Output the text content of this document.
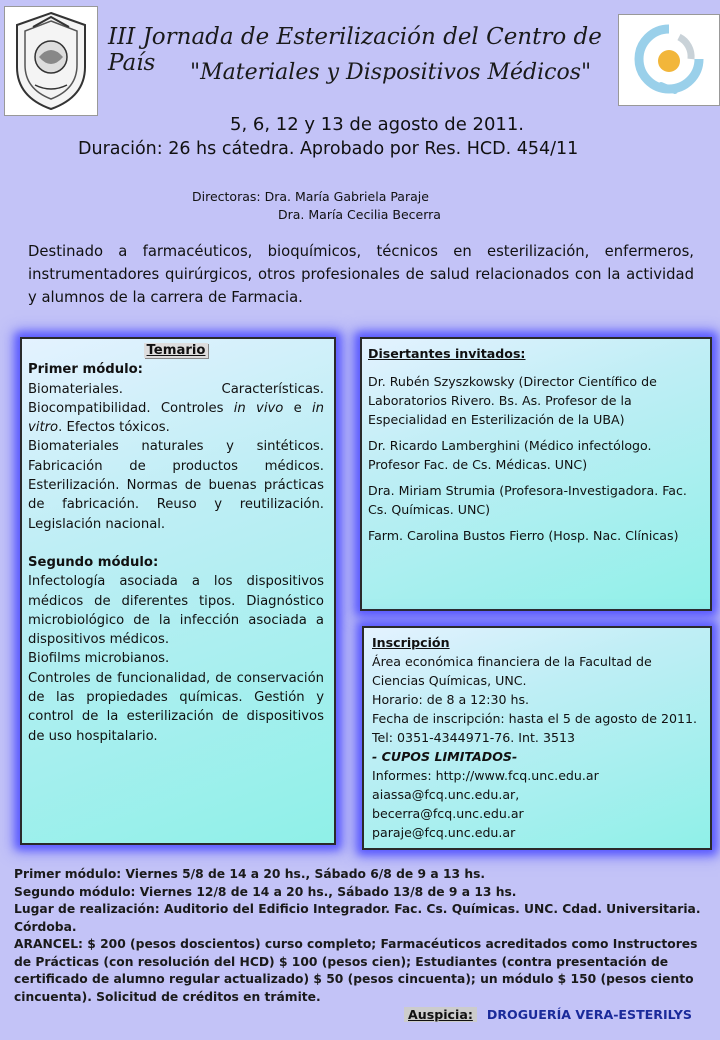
III Jornada de Esterilización del Centro de País	"Materiales y Dispositivos Médicos"
5, 6, 12 y 13 de agosto de 2011.
Duración: 26 hs cátedra. Aprobado por Res. HCD. 454/11
Directoras: Dra. María Gabriela Paraje
Dra. María Cecilia Becerra
Destinado a farmacéuticos, bioquímicos, técnicos en esterilización, enfermeros, instrumentadores quirúrgicos, otros profesionales de salud relacionados con la actividad y alumnos de la carrera de Farmacia.
Temario
Primer módulo:
Biomateriales. Características. Biocompatibilidad. Controles in vivo e in vitro. Efectos tóxicos.
Biomateriales naturales y sintéticos. Fabricación de productos médicos. Esterilización. Normas de buenas prácticas de fabricación. Reuso y reutilización. Legislación nacional.
Segundo módulo:
Infectología asociada a los dispositivos médicos de diferentes tipos. Diagnóstico microbiológico de la infección asociada a dispositivos médicos.
Biofilms microbianos.
Controles de funcionalidad, de conservación de las propiedades químicas. Gestión y control de la esterilización de dispositivos de uso hospitalario.

Disertantes invitados:

Dr. Rubén Szyszkowsky (Director Científico de Laboratorios Rivero. Bs. As. Profesor de la Especialidad en Esterilización de la UBA)

Dr. Ricardo Lamberghini (Médico infectólogo. Profesor Fac. de Cs. Médicas. UNC)

Dra. Miriam Strumia (Profesora-Investigadora. Fac. Cs. Químicas. UNC)

Farm. Carolina Bustos Fierro (Hosp. Nac. Clínicas)

Inscripción
Área económica financiera de la Facultad de Ciencias Químicas, UNC.
Horario: de 8 a 12:30 hs.
Fecha de inscripción: hasta el 5 de agosto de 2011. Tel: 0351-4344971-76. Int. 3513
- CUPOS LIMITADOS-
Informes: http://www.fcq.unc.edu.ar
aiassa@fcq.unc.edu.ar,
becerra@fcq.unc.edu.ar
paraje@fcq.unc.edu.ar
Primer módulo: Viernes 5/8 de 14 a 20 hs., Sábado 6/8 de 9 a 13 hs.
Segundo módulo: Viernes 12/8 de 14 a 20 hs., Sábado 13/8 de 9 a 13 hs.
Lugar de realización: Auditorio del Edificio Integrador. Fac. Cs. Químicas. UNC. Cdad. Universitaria. Córdoba.
ARANCEL: $ 200 (pesos doscientos) curso completo; Farmacéuticos acreditados como Instructores de Prácticas (con resolución del HCD) $ 100 (pesos cien); Estudiantes (contra presentación de certificado de alumno regular actualizado) $ 50 (pesos cincuenta); un módulo $ 150 (pesos ciento cincuenta). Solicitud de créditos en trámite.
Auspicia: DROGUERÍA VERA-ESTERILYS
